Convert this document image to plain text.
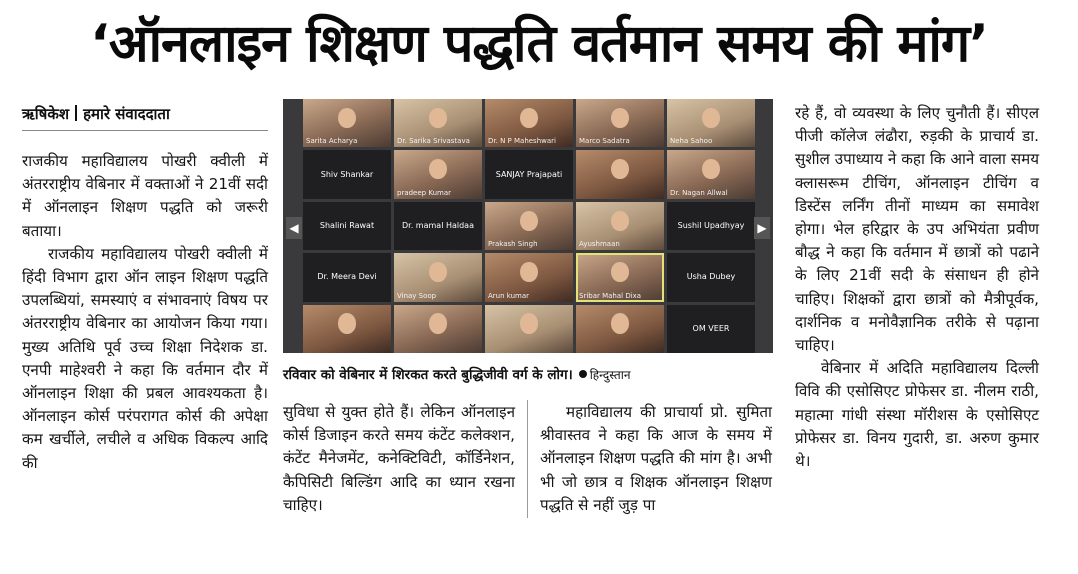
‘ऑनलाइन शिक्षण पद्धति वर्तमान समय की मांग’
ऋषिकेश हमारे संवाददाता

राजकीय महाविद्यालय पोखरी क्वीली में अंतरराष्ट्रीय वेबिनार में वक्ताओं ने 21वीं सदी में ऑनलाइन शिक्षण पद्धति को जरूरी बताया।

राजकीय महाविद्यालय पोखरी क्वीली में हिंदी विभाग द्वारा ऑन लाइन शिक्षण पद्धति उपलब्धियां, समस्याएं व संभावनाएं विषय पर अंतरराष्ट्रीय वेबिनार का आयोजन किया गया। मुख्य अतिथि पूर्व उच्च शिक्षा निदेशक डा. एनपी माहेश्वरी ने कहा कि वर्तमान दौर में ऑनलाइन शिक्षा की प्रबल आवश्यकता है। ऑनलाइन कोर्स परंपरागत कोर्स की अपेक्षा कम खर्चीले, लचीले व अधिक विकल्प आदि की

◀
Sarita Acharya	Dr. Sarika Srivastava	Dr. N P Maheshwari	Marco Sadatra	Neha Sahoo
Shiv Shankar
pradeep Kumar
SANJAY Prajapati
Dr. Nagan Allwal
Shalini Rawat	Dr. mamal Haldaa
Prakash Singh	Ayushmaan
Sushil Upadhyay
Dr. Meera Devi
Vinay Soop	Arun kumar	Sribar Mahal Dixa
Usha Dubey
OM VEER
▶
रविवार को वेबिनार में शिरकत करते बुद्धिजीवी वर्ग के लोग। हिन्दुस्तान

सुविधा से युक्त होते हैं। लेकिन ऑनलाइन कोर्स डिजाइन करते समय कंटेंट कलेक्शन, कंटेंट मैनेजमेंट, कनेक्टिविटी, कॉर्डिनेशन, कैपिसिटी बिल्डिंग आदि का ध्यान रखना चाहिए।

महाविद्यालय की प्राचार्या प्रो. सुमिता श्रीवास्तव ने कहा कि आज के समय में ऑनलाइन शिक्षण पद्धति की मांग है। अभी भी जो छात्र व शिक्षक ऑनलाइन शिक्षण पद्धति से नहीं जुड़ पा

रहे हैं, वो व्यवस्था के लिए चुनौती हैं। सीएल पीजी कॉलेज लंढौरा, रुड़की के प्राचार्य डा. सुशील उपाध्याय ने कहा कि आने वाला समय क्लासरूम टीचिंग, ऑनलाइन टीचिंग व डिस्टेंस लर्निंग तीनों माध्यम का समावेश होगा। भेल हरिद्वार के उप अभियंता प्रवीण बौद्ध ने कहा कि वर्तमान में छात्रों को पढाने के लिए 21वीं सदी के संसाधन ही होने चाहिए। शिक्षकों द्वारा छात्रों को मैत्रीपूर्वक, दार्शनिक व मनोवैज्ञानिक तरीके से पढ़ाना चाहिए।

वेबिनार में अदिति महाविद्यालय दिल्ली विवि की एसोसिएट प्रोफेसर डा. नीलम राठी, महात्मा गांधी संस्था मॉरीशस के एसोसिएट प्रोफेसर डा. विनय गुदारी, डा. अरुण कुमार थे।
